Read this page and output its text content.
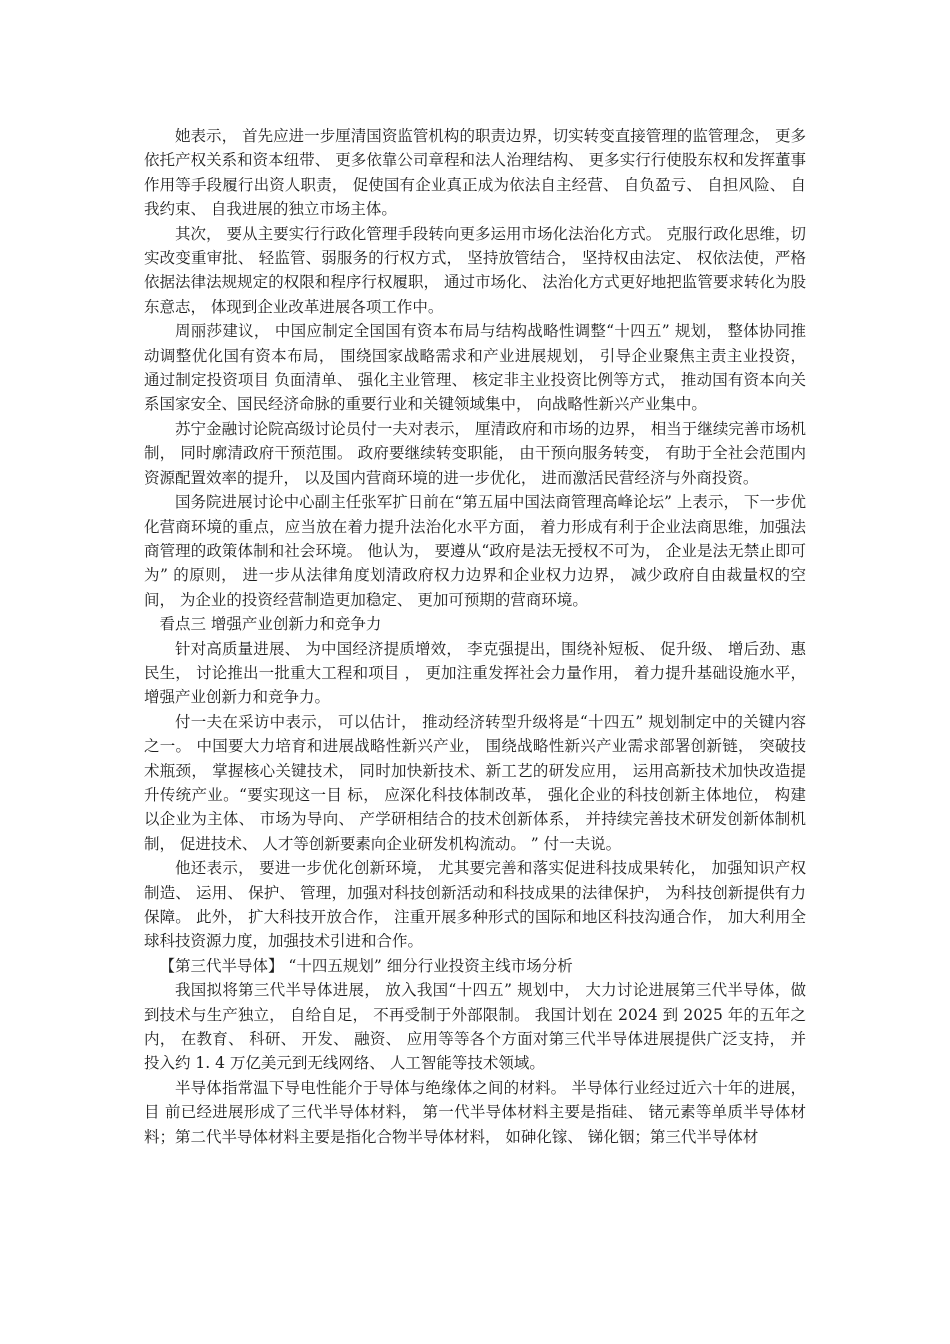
她表示， 首先应进一步厘清国资监管机构的职责边界，切实转变直接管理的监管理念， 更多依托产权关系和资本纽带、 更多依靠公司章程和法人治理结构、 更多实行行使股东权和发挥董事作用等手段履行出资人职责， 促使国有企业真正成为依法自主经营、 自负盈亏、 自担风险、 自我约束、 自我进展的独立市场主体。

其次， 要从主要实行行政化管理手段转向更多运用市场化法治化方式。 克服行政化思维，切实改变重审批、 轻监管、弱服务的行权方式， 坚持放管结合， 坚持权由法定、 权依法使，严格依据法律法规规定的权限和程序行权履职， 通过市场化、 法治化方式更好地把监管要求转化为股东意志， 体现到企业改革进展各项工作中。

周丽莎建议， 中国应制定全国国有资本布局与结构战略性调整“十四五” 规划， 整体协同推动调整优化国有资本布局， 围绕国家战略需求和产业进展规划， 引导企业聚焦主责主业投资， 通过制定投资项目 负面清单、 强化主业管理、 核定非主业投资比例等方式， 推动国有资本向关系国家安全、国民经济命脉的重要行业和关键领域集中， 向战略性新兴产业集中。

苏宁金融讨论院高级讨论员付一夫对表示， 厘清政府和市场的边界， 相当于继续完善市场机制， 同时廓清政府干预范围。 政府要继续转变职能， 由干预向服务转变， 有助于全社会范围内资源配置效率的提升， 以及国内营商环境的进一步优化， 进而激活民营经济与外商投资。

国务院进展讨论中心副主任张军扩日前在“第五届中国法商管理高峰论坛” 上表示， 下一步优化营商环境的重点，应当放在着力提升法治化水平方面， 着力形成有利于企业法商思维，加强法商管理的政策体制和社会环境。 他认为， 要遵从“政府是法无授权不可为， 企业是法无禁止即可为” 的原则， 进一步从法律角度划清政府权力边界和企业权力边界， 减少政府自由裁量权的空间， 为企业的投资经营制造更加稳定、 更加可预期的营商环境。

看点三 增强产业创新力和竞争力

针对高质量进展、 为中国经济提质增效， 李克强提出，围绕补短板、 促升级、 增后劲、惠民生， 讨论推出一批重大工程和项目 ， 更加注重发挥社会力量作用， 着力提升基础设施水平， 增强产业创新力和竞争力。

付一夫在采访中表示， 可以估计， 推动经济转型升级将是“十四五” 规划制定中的关键内容之一。 中国要大力培育和进展战略性新兴产业， 围绕战略性新兴产业需求部署创新链， 突破技术瓶颈， 掌握核心关键技术， 同时加快新技术、新工艺的研发应用， 运用高新技术加快改造提升传统产业。“要实现这一目 标， 应深化科技体制改革， 强化企业的科技创新主体地位， 构建以企业为主体、 市场为导向、 产学研相结合的技术创新体系， 并持续完善技术研发创新体制机制， 促进技术、 人才等创新要素向企业研发机构流动。 ” 付一夫说。

他还表示， 要进一步优化创新环境， 尤其要完善和落实促进科技成果转化， 加强知识产权制造、 运用、 保护、 管理，加强对科技创新活动和科技成果的法律保护， 为科技创新提供有力保障。 此外， 扩大科技开放合作， 注重开展多种形式的国际和地区科技沟通合作， 加大利用全球科技资源力度，加强技术引进和合作。

【第三代半导体】 “十四五规划” 细分行业投资主线市场分析

我国拟将第三代半导体进展， 放入我国“十四五” 规划中， 大力讨论进展第三代半导体，做到技术与生产独立， 自给自足， 不再受制于外部限制。 我国计划在 2024 到 2025 年的五年之内， 在教育、 科研、 开发、 融资、 应用等等各个方面对第三代半导体进展提供广泛支持， 并投入约 1. 4 万亿美元到无线网络、 人工智能等技术领域。

半导体指常温下导电性能介于导体与绝缘体之间的材料。 半导体行业经过近六十年的进展，目 前已经进展形成了三代半导体材料， 第一代半导体材料主要是指硅、 锗元素等单质半导体材料；第二代半导体材料主要是指化合物半导体材料， 如砷化镓、 锑化铟；第三代半导体材
